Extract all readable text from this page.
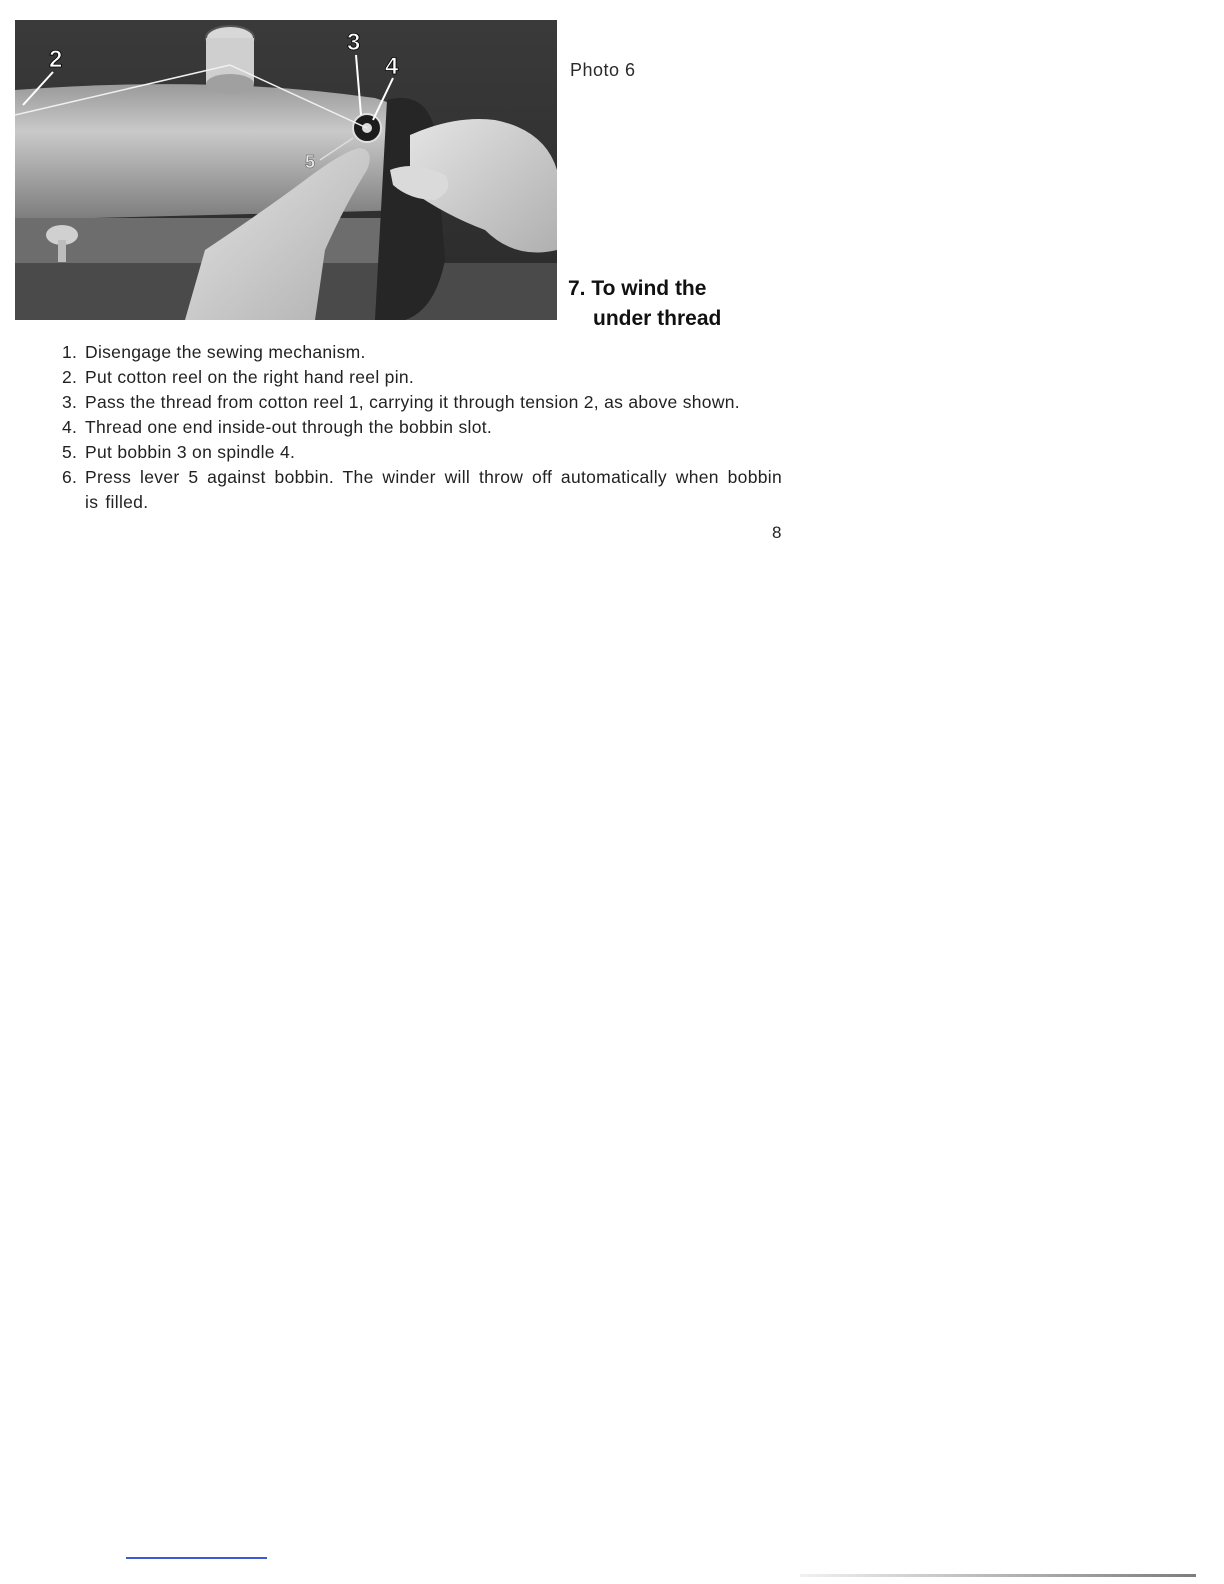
2
3
4
5
Photo 6
7. To wind the
under thread
1. Disengage the sewing mechanism.
2. Put cotton reel on the right hand reel pin.
3. Pass the thread from cotton reel 1, carrying it through tension 2, as above shown.
4. Thread one end inside-out through the bobbin slot.
5. Put bobbin 3 on spindle 4.
6. Press lever 5 against bobbin. The winder will throw off automatically when bobbin is filled.
8
